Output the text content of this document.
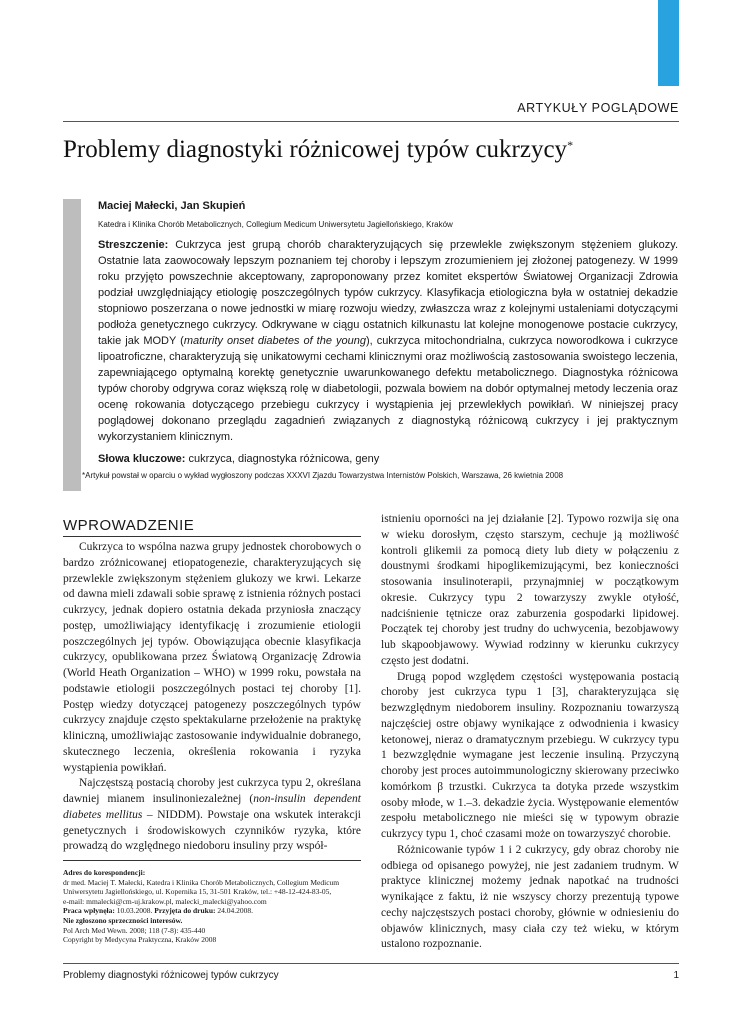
ARTYKUŁY POGLĄDOWE
Problemy diagnostyki różnicowej typów cukrzycy*

Maciej Małecki, Jan Skupień

Katedra i Klinika Chorób Metabolicznych, Collegium Medicum Uniwersytetu Jagiellońskiego, Kraków

Streszczenie: Cukrzyca jest grupą chorób charakteryzujących się przewlekle zwiększonym stężeniem glukozy. Ostatnie lata zaowocowały lepszym poznaniem tej choroby i lepszym zrozumieniem jej złożonej patogenezy. W 1999 roku przyjęto powszechnie akceptowany, zaproponowany przez komitet ekspertów Światowej Organizacji Zdrowia podział uwzględniający etiologię poszczególnych typów cukrzycy. Klasyfikacja etiologiczna była w ostatniej dekadzie stopniowo poszerzana o nowe jednostki w miarę rozwoju wiedzy, zwłaszcza wraz z kolejnymi ustaleniami dotyczącymi podłoża genetycznego cukrzycy. Odkrywane w ciągu ostatnich kilkunastu lat kolejne monogenowe postacie cukrzycy, takie jak MODY (maturity onset diabetes of the young), cukrzyca mitochondrialna, cukrzyca noworodkowa i cukrzyce lipoatroficzne, charakteryzują się unikatowymi cechami klinicznymi oraz możliwością zastosowania swoistego leczenia, zapewniającego optymalną korektę genetycznie uwarunkowanego defektu metabolicznego. Diagnostyka różnicowa typów choroby odgrywa coraz większą rolę w diabetologii, pozwala bowiem na dobór optymalnej metody leczenia oraz ocenę rokowania dotyczącego przebiegu cukrzycy i wystąpienia jej przewlekłych powikłań. W niniejszej pracy poglądowej dokonano przeglądu zagadnień związanych z diagnostyką różnicową cukrzycy i jej praktycznym wykorzystaniem klinicznym.

Słowa kluczowe: cukrzyca, diagnostyka różnicowa, geny

*Artykuł powstał w oparciu o wykład wygłoszony podczas XXXVI Zjazdu Towarzystwa Internistów Polskich, Warszawa, 26 kwietnia 2008

WPROWADZENIE

Cukrzyca to wspólna nazwa grupy jednostek chorobowych o bardzo zróżnicowanej etiopatogenezie, charakteryzujących się przewlekle zwiększonym stężeniem glukozy we krwi. Lekarze od dawna mieli zdawali sobie sprawę z istnienia różnych postaci cukrzycy, jednak dopiero ostatnia dekada przyniosła znaczący postęp, umożliwiający identyfikację i zrozumienie etiologii poszczególnych jej typów. Obowiązująca obecnie klasyfikacja cukrzycy, opublikowana przez Światową Organizację Zdrowia (World Heath Organization – WHO) w 1999 roku, powstała na podstawie etiologii poszczególnych postaci tej choroby [1]. Postęp wiedzy dotyczącej patogenezy poszczególnych typów cukrzycy znajduje często spektakularne przełożenie na praktykę kliniczną, umożliwiając zastosowanie indywidualnie dobranego, skutecznego leczenia, określenia rokowania i ryzyka wystąpienia powikłań.

Najczęstszą postacią choroby jest cukrzyca typu 2, określana dawniej mianem insulinoniezależnej (non-insulin dependent diabetes mellitus – NIDDM). Powstaje ona wskutek interakcji genetycznych i środowiskowych czynników ryzyka, które prowadzą do względnego niedoboru insuliny przy współ-

istnieniu oporności na jej działanie [2]. Typowo rozwija się ona w wieku dorosłym, często starszym, cechuje ją możliwość kontroli glikemii za pomocą diety lub diety w połączeniu z doustnymi środkami hipoglikemizującymi, bez konieczności stosowania insulinoterapii, przynajmniej w początkowym okresie. Cukrzycy typu 2 towarzyszy zwykle otyłość, nadciśnienie tętnicze oraz zaburzenia gospodarki lipidowej. Początek tej choroby jest trudny do uchwycenia, bezobjawowy lub skąpoobjawowy. Wywiad rodzinny w kierunku cukrzycy często jest dodatni.

Drugą popod względem częstości występowania postacią choroby jest cukrzyca typu 1 [3], charakteryzująca się bezwzględnym niedoborem insuliny. Rozpoznaniu towarzyszą najczęściej ostre objawy wynikające z odwodnienia i kwasicy ketonowej, nieraz o dramatycznym przebiegu. W cukrzycy typu 1 bezwzględnie wymagane jest leczenie insuliną. Przyczyną choroby jest proces autoimmunologiczny skierowany przeciwko komórkom β trzustki. Cukrzyca ta dotyka przede wszystkim osoby młode, w 1.–3. dekadzie życia. Występowanie elementów zespołu metabolicznego nie mieści się w typowym obrazie cukrzycy typu 1, choć czasami może on towarzyszyć chorobie.

Różnicowanie typów 1 i 2 cukrzycy, gdy obraz choroby nie odbiega od opisanego powyżej, nie jest zadaniem trudnym. W praktyce klinicznej możemy jednak napotkać na trudności wynikające z faktu, iż nie wszyscy chorzy prezentują typowe cechy najczęstszych postaci choroby, głównie w odniesieniu do objawów klinicznych, masy ciała czy też wieku, w którym ustalono rozpoznanie.

Adres do korespondencji:
dr med. Maciej T. Małecki, Katedra i Klinika Chorób Metabolicznych, Collegium Medicum
Uniwersytetu Jagiellońskiego, ul. Kopernika 15, 31-501 Kraków, tel.: +48-12-424-83-05,
e-mail: mmalecki@cm-uj.krakow.pl, malecki_malecki@yahoo.com
Praca wpłynęła: 10.03.2008. Przyjęta do druku: 24.04.2008.
Nie zgłoszono sprzeczności interesów.
Pol Arch Med Wewn. 2008; 118 (7-8): 435-440
Copyright by Medycyna Praktyczna, Kraków 2008
Problemy diagnostyki różnicowej typów cukrzycy	1
